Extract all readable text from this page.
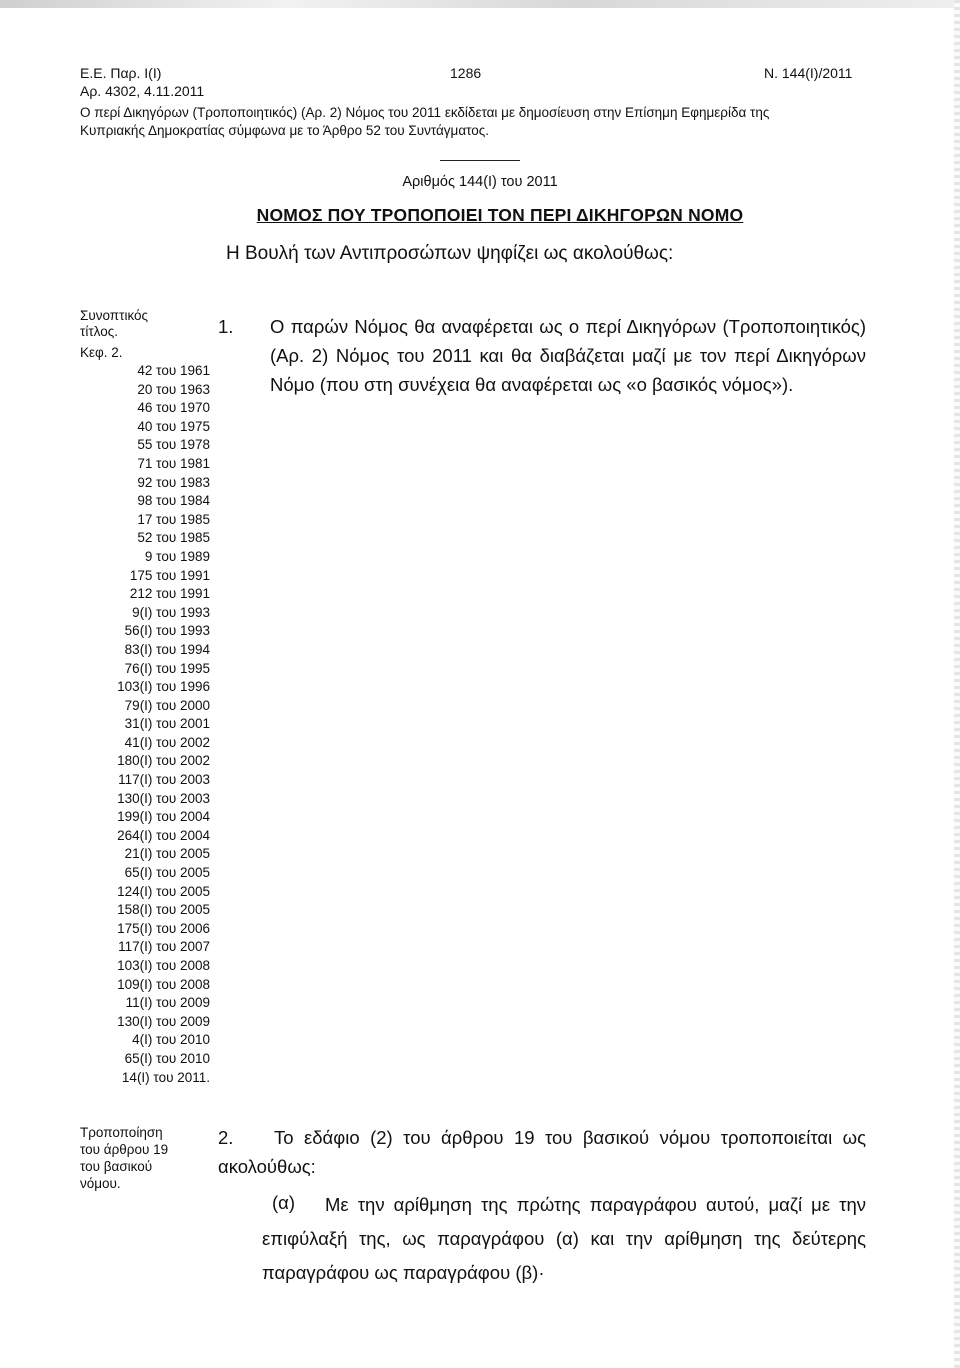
Ε.Ε. Παρ. Ι(Ι)
Αρ. 4302, 4.11.2011
1286	Ν. 144(Ι)/2011
Ο περί Δικηγόρων (Τροποποιητικός) (Αρ. 2) Νόμος του 2011 εκδίδεται με δημοσίευση στην Επίσημη Εφημερίδα της
Κυπριακής Δημοκρατίας σύμφωνα με το Άρθρο 52 του Συντάγματος.
Αριθμός 144(Ι) του 2011
ΝΟΜΟΣ ΠΟΥ ΤΡΟΠΟΠΟΙΕΙ ΤΟΝ ΠΕΡΙ ΔΙΚΗΓΟΡΩΝ ΝΟΜΟ
Η Βουλή των Αντιπροσώπων ψηφίζει ως ακολούθως:
Συνοπτικός
τίτλος.
Κεφ. 2.
42 του 1961
20 του 1963
46 του 1970
40 του 1975
55 του 1978
71 του 1981
92 του 1983
98 του 1984
17 του 1985
52 του 1985
9 του 1989
175 του 1991
212 του 1991
9(Ι) του 1993
56(Ι) του 1993
83(Ι) του 1994
76(Ι) του 1995
103(Ι) του 1996
79(Ι) του 2000
31(Ι) του 2001
41(Ι) του 2002
180(Ι) του 2002
117(Ι) του 2003
130(Ι) του 2003
199(Ι) του 2004
264(Ι) του 2004
21(Ι) του 2005
65(Ι) του 2005
124(Ι) του 2005
158(Ι) του 2005
175(Ι) του 2006
117(Ι) του 2007
103(Ι) του 2008
109(Ι) του 2008
11(Ι) του 2009
130(Ι) του 2009
4(Ι) του 2010
65(Ι) του 2010
14(Ι) του 2011.
1. Ο παρών Νόμος θα αναφέρεται ως ο περί Δικηγόρων (Τροποποιητικός) (Αρ. 2) Νόμος του 2011 και θα διαβάζεται μαζί με τον περί Δικηγόρων Νόμο (που στη συνέχεια θα αναφέρεται ως «ο βασικός νόμος»).
Τροποποίηση
του άρθρου 19
του βασικού
νόμου.
2.	Το εδάφιο (2) του άρθρου 19 του βασικού νόμου τροποποιείται ως ακολούθως:
(α)	Με την αρίθμηση της πρώτης παραγράφου αυτού, μαζί με την επιφύλαξή της, ως παραγράφου (α) και την αρίθμηση της δεύτερης παραγράφου ως παραγράφου (β)·
